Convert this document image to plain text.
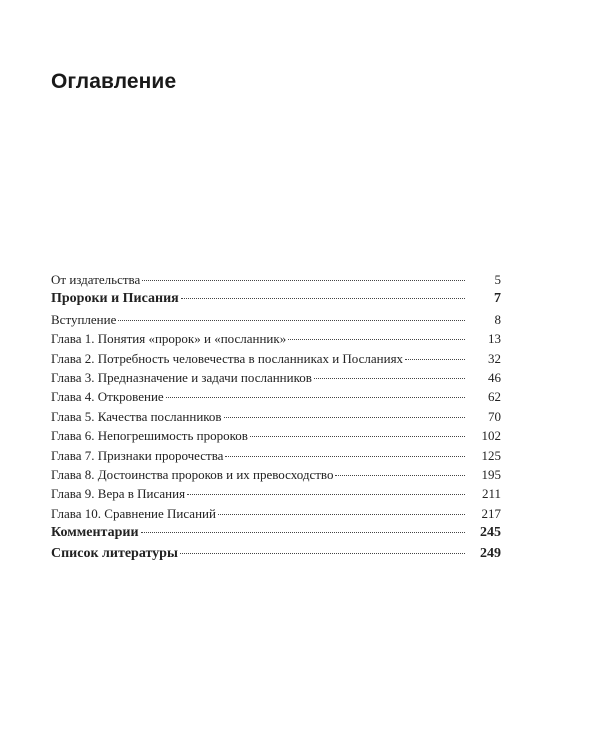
Оглавление
От издательства	5
Пророки и Писания	7
Вступление	8
Глава 1. Понятия «пророк» и «посланник»	13
Глава 2. Потребность человечества в посланниках и Посланиях	32
Глава 3. Предназначение и задачи посланников	46
Глава 4. Откровение	62
Глава 5. Качества посланников	70
Глава 6. Непогрешимость пророков	102
Глава 7. Признаки пророчества	125
Глава 8. Достоинства пророков и их превосходство	195
Глава 9. Вера в Писания	211
Глава 10. Сравнение Писаний	217
Комментарии	245
Список литературы	249
